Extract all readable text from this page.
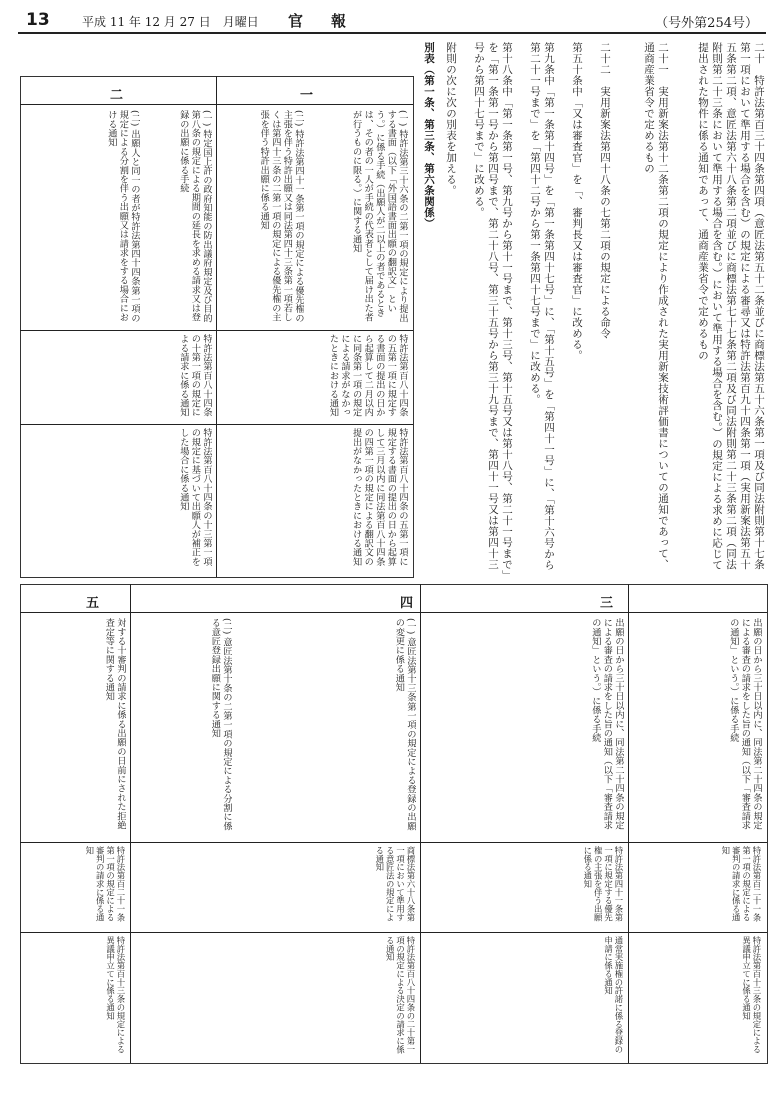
13	平成 11 年 12 月 27 日　月曜日 官報	（号外第254号）
二十　特許法第百三十四条第四項（意匠法第五十二条並びに商標法第五十六条第一項及び同法附則第十七条第一項において準用する場合を含む）の規定による審尋又は特許法第百九十四条第一項（実用新案法第五十五条第二項、意匠法第六十八条第二項並びに商標法第七十七条第二項及び同法附則第二十三条第二項（同法附則第二十三条において準用する場合を含む。）において準用する場合を含む。）の規定による求めに応じて提出された物件に係る通知であって、通商産業省令で定めるもの
二十一　実用新案法第十二条第二項の規定により作成された実用新案技術評価書についての通知であって、通商産業省令で定めるもの
二十二　実用新案法第四十八条の七第二項の規定による命令
第五十条中「又は審査官」を「、審判長又は審査官」に改める。
第九条中「第一条第十四号」を「第一条第四十七号」に、「第十五号」を「第四十一号」に、「第十六号から第二十一号まで」を「第四十二号から第一条第四十七号まで」に改める。
第十八条中「第一条第一号、第九号から第十一号まで、第十三号、第十五号又は第十八号、第二十一号まで」を「第一条第一号から第四号まで、第二十八号、第三十五号から第三十九号まで、第四十一号又は第四十三号から第四十七号まで」に改める。
附則の次に次の別表を加える。
別表（第一条、第三条、第六条関係）
一
二
(一) 特許法第三十六条の二第一項の規定により提出する書面（以下「外国語書面出願の翻訳文」という。）に係る手続（出願人が二以上の者であるときは、その者の一人が手続の代表者として届け出た者が行うものに限る。）に関する通知
(二) 特許法第四十一条第一項の規定による優先権の主張を伴う特許出願又は同法第四十三条第一項若しくは第四十三条の二第一項の規定による優先権の主張を伴う特許出願に係る通知
特許法第百八十四条の五第一項に規定する書面の提出の日から起算して二月以内に同条第一項の規定による請求がなかったときにおける通知
特許法第百八十四条の五第一項に規定する書面の提出の日から起算して三月以内に同法第百八十四条の四第一項の規定による翻訳文の提出がなかったときにおける通知
(一) 特定国上許の政府知能の防出議府規定及び目的第八条の規定による期間の延長を求める請求又は登録の出願に係る手続
(二) 出願人と同一の者が特許法第四十四条第一項の規定による分割を伴う出願又は請求をする場合における通知
特許法第百八十四条の十第一項の規定による請求に係る通知
特許法第百八十四条の十三第一項の規定に基づいて出願人が補正をした場合に係る通知
三
四
五
出願の日から三十日以内に、同法第二十四条の規定による審査の請求をした旨の通知（以下「審査請求の通知」という。）に係る手続
出願の日から三十日以内に、同法第二十四条の規定による審査の請求をした旨の通知（以下「審査請求の通知」という。）に係る手続
(一) 意匠法第十三条第一項の規定による登録の出願の変更に係る通知
(二) 意匠法第十条の二第一項の規定による分割に係る意匠登録出願に関する通知
対する十審判の請求に係る出願の日前にされた拒絶査定等に関する通知
特許法第百二十一条第一項の規定による審判の請求に係る通知
特許法第四十一条第一項に規定する優先権の主張を伴う出願に係る通知
商標法第六十八条第一項において準用する意匠法の規定による通知
特許法第百二十一条第一項の規定による審判の請求に係る通知
特許法第百十三条の規定による異議申立てに係る通知
通常実施権の許諾に係る登録の申請に係る通知
特許法第百八十四条の二十第一項の規定による決定の請求に係る通知
特許法第百十三条の規定による異議申立てに係る通知
